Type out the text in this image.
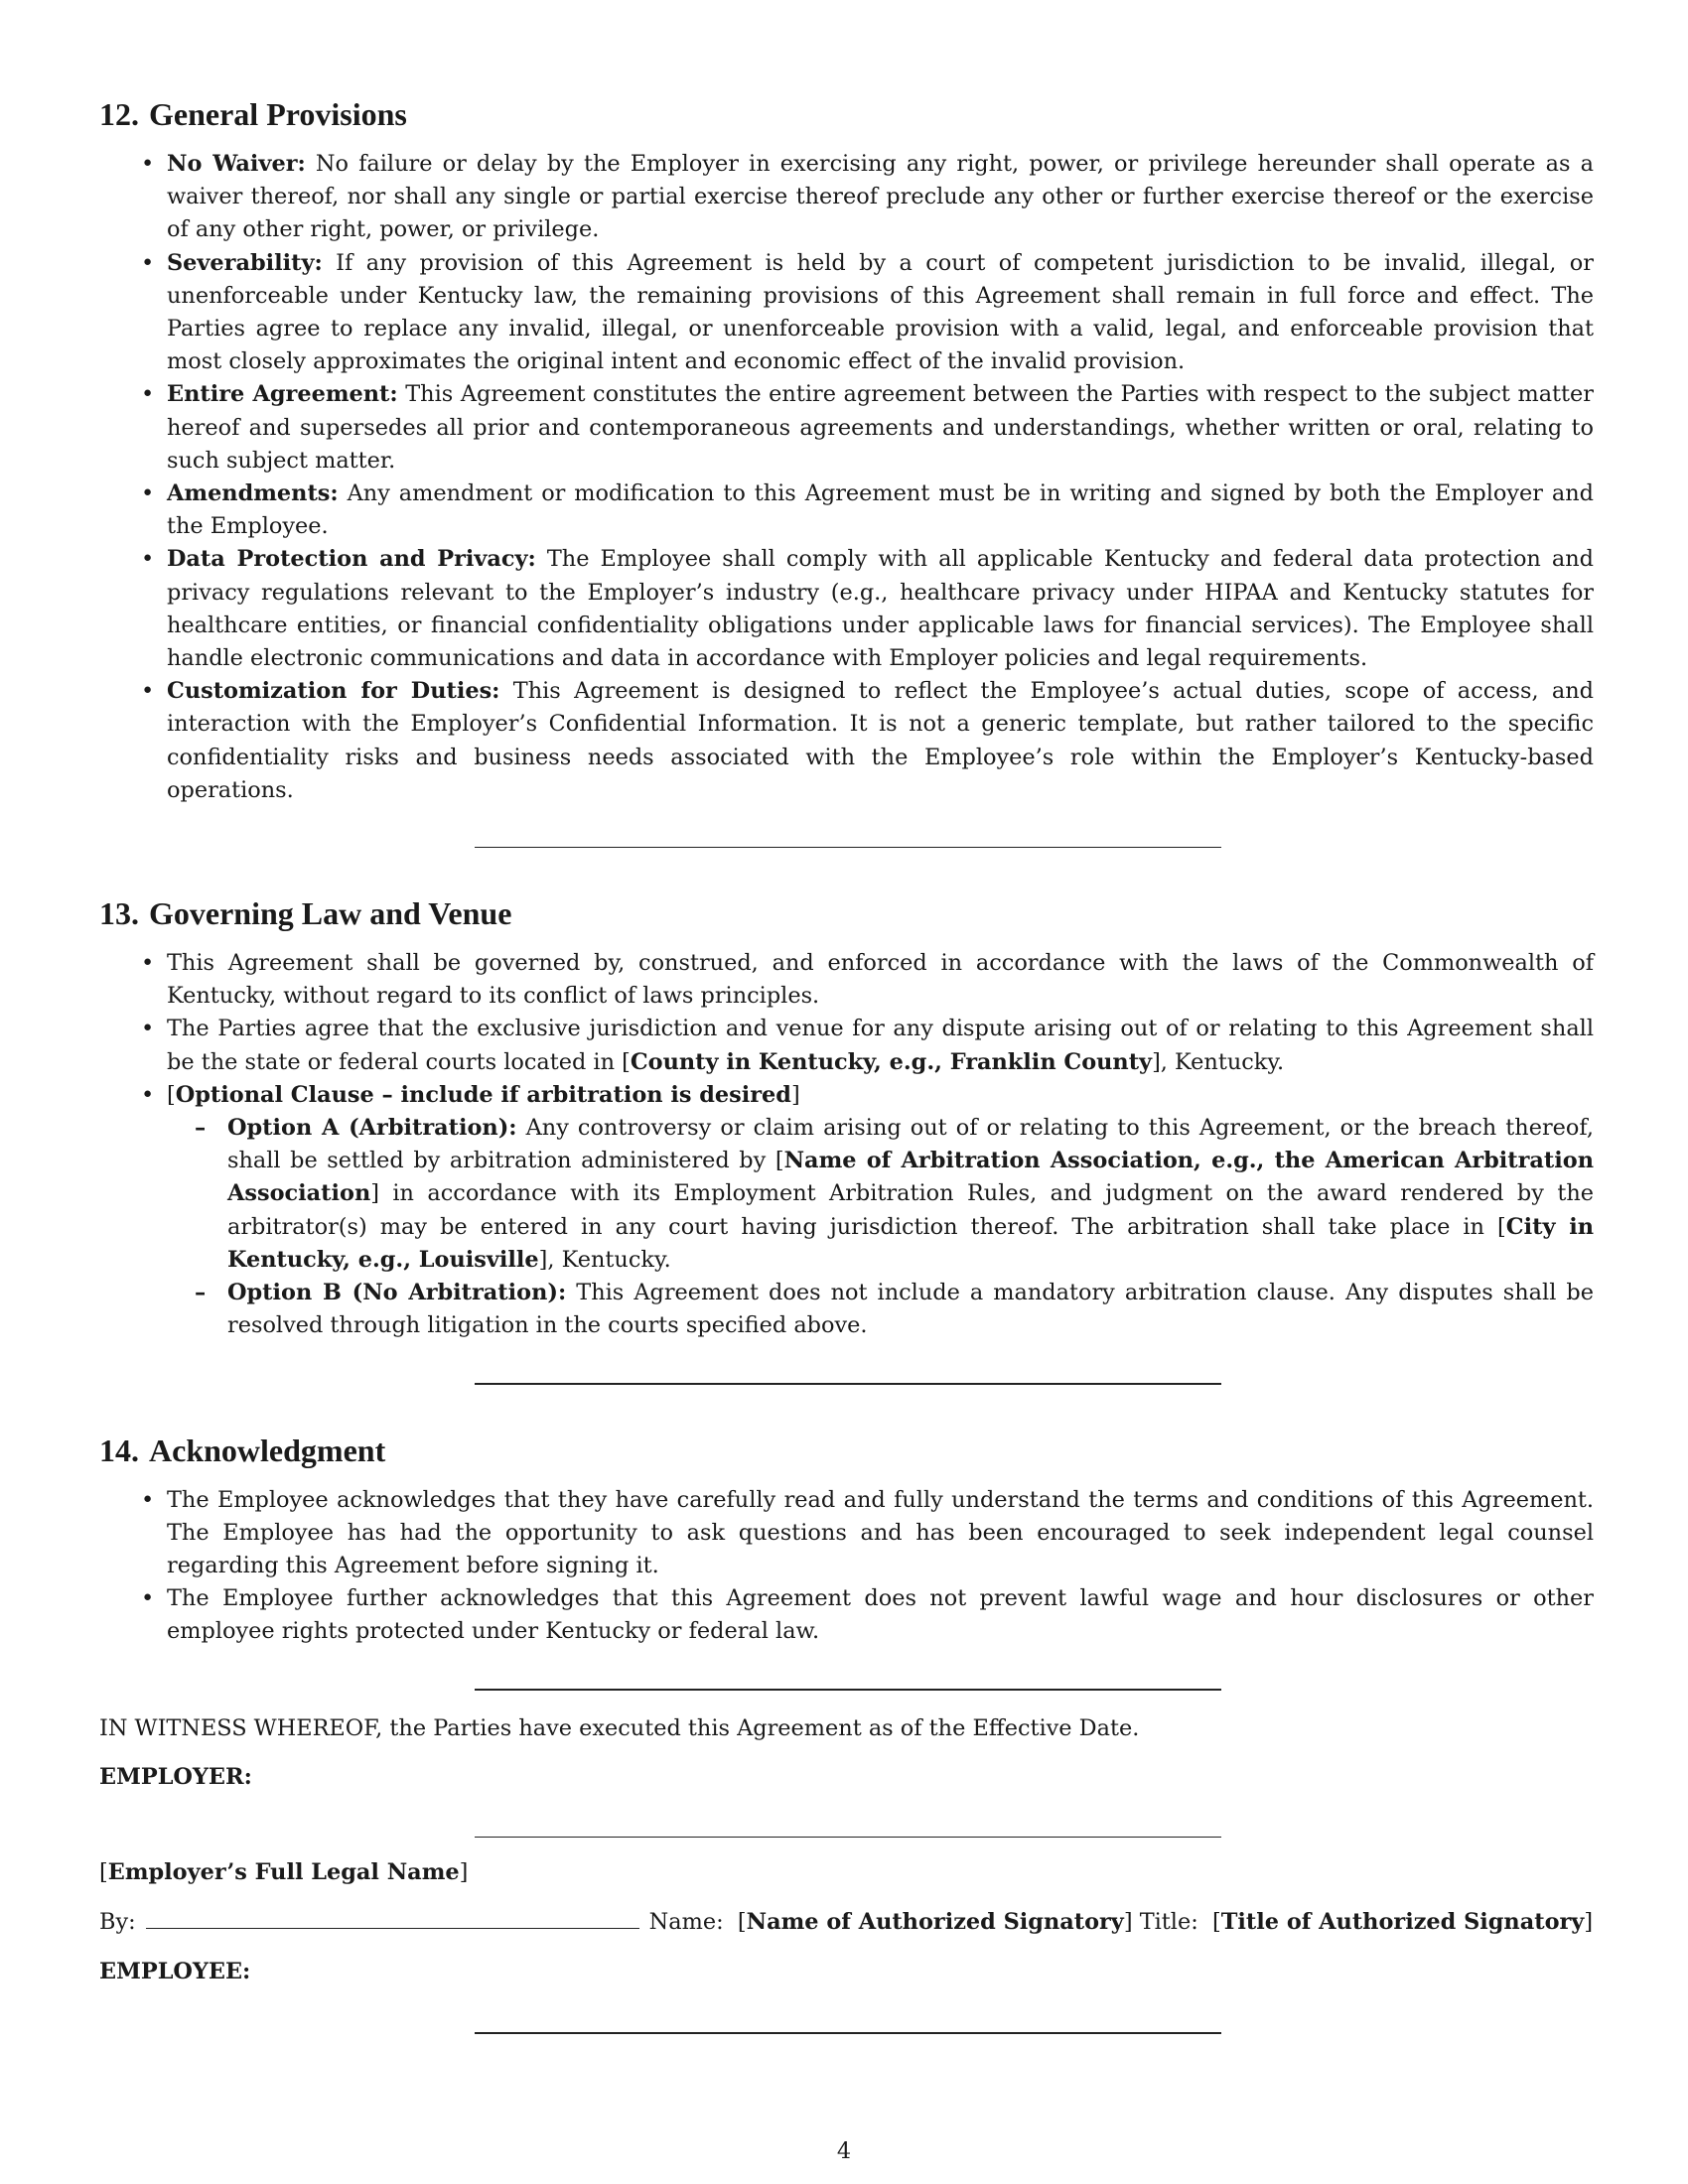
12. General Provisions
• No Waiver: No failure or delay by the Employer in exercising any right, power, or privilege hereunder shall operate as a waiver thereof, nor shall any single or partial exercise thereof preclude any other or further exercise thereof or the exercise of any other right, power, or privilege.
• Severability: If any provision of this Agreement is held by a court of competent jurisdiction to be invalid, illegal, or unenforceable under Kentucky law, the remaining provisions of this Agreement shall remain in full force and effect. The Parties agree to replace any invalid, illegal, or unenforceable provision with a valid, legal, and enforceable provision that most closely approximates the original intent and economic effect of the invalid provision.
• Entire Agreement: This Agreement constitutes the entire agreement between the Parties with respect to the subject matter hereof and supersedes all prior and contemporaneous agreements and understandings, whether written or oral, relating to such subject matter.
• Amendments: Any amendment or modification to this Agreement must be in writing and signed by both the Employer and the Employee.
• Data Protection and Privacy: The Employee shall comply with all applicable Kentucky and federal data protection and privacy regulations relevant to the Employer’s industry (e.g., healthcare privacy under HIPAA and Kentucky statutes for healthcare entities, or financial confidentiality obligations under applicable laws for financial services). The Employee shall handle electronic communications and data in accordance with Employer policies and legal requirements.
• Customization for Duties: This Agreement is designed to reflect the Employee’s actual duties, scope of access, and interaction with the Employer’s Confidential Information. It is not a generic template, but rather tailored to the specific confidentiality risks and business needs associated with the Employee’s role within the Employer’s Kentucky-based operations.
13. Governing Law and Venue
• This Agreement shall be governed by, construed, and enforced in accordance with the laws of the Commonwealth of Kentucky, without regard to its conflict of laws principles.
• The Parties agree that the exclusive jurisdiction and venue for any dispute arising out of or relating to this Agreement shall be the state or federal courts located in [County in Kentucky, e.g., Franklin County], Kentucky.
• [Optional Clause – include if arbitration is desired]
– Option A (Arbitration): Any controversy or claim arising out of or relating to this Agreement, or the breach thereof, shall be settled by arbitration administered by [Name of Arbitration Association, e.g., the American Arbitration Association] in accordance with its Employment Arbitration Rules, and judgment on the award rendered by the arbitrator(s) may be entered in any court having jurisdiction thereof. The arbitration shall take place in [City in Kentucky, e.g., Louisville], Kentucky.
– Option B (No Arbitration): This Agreement does not include a mandatory arbitration clause. Any disputes shall be resolved through litigation in the courts specified above.
14. Acknowledgment
• The Employee acknowledges that they have carefully read and fully understand the terms and conditions of this Agreement. The Employee has had the opportunity to ask questions and has been encouraged to seek independent legal counsel regarding this Agreement before signing it.
• The Employee further acknowledges that this Agreement does not prevent lawful wage and hour disclosures or other employee rights protected under Kentucky or federal law.
IN WITNESS WHEREOF, the Parties have executed this Agreement as of the Effective Date.
EMPLOYER:
[Employer’s Full Legal Name]
By:	Name: [Name of Authorized Signatory] Title: [Title of Authorized Signatory]
EMPLOYEE:
4
